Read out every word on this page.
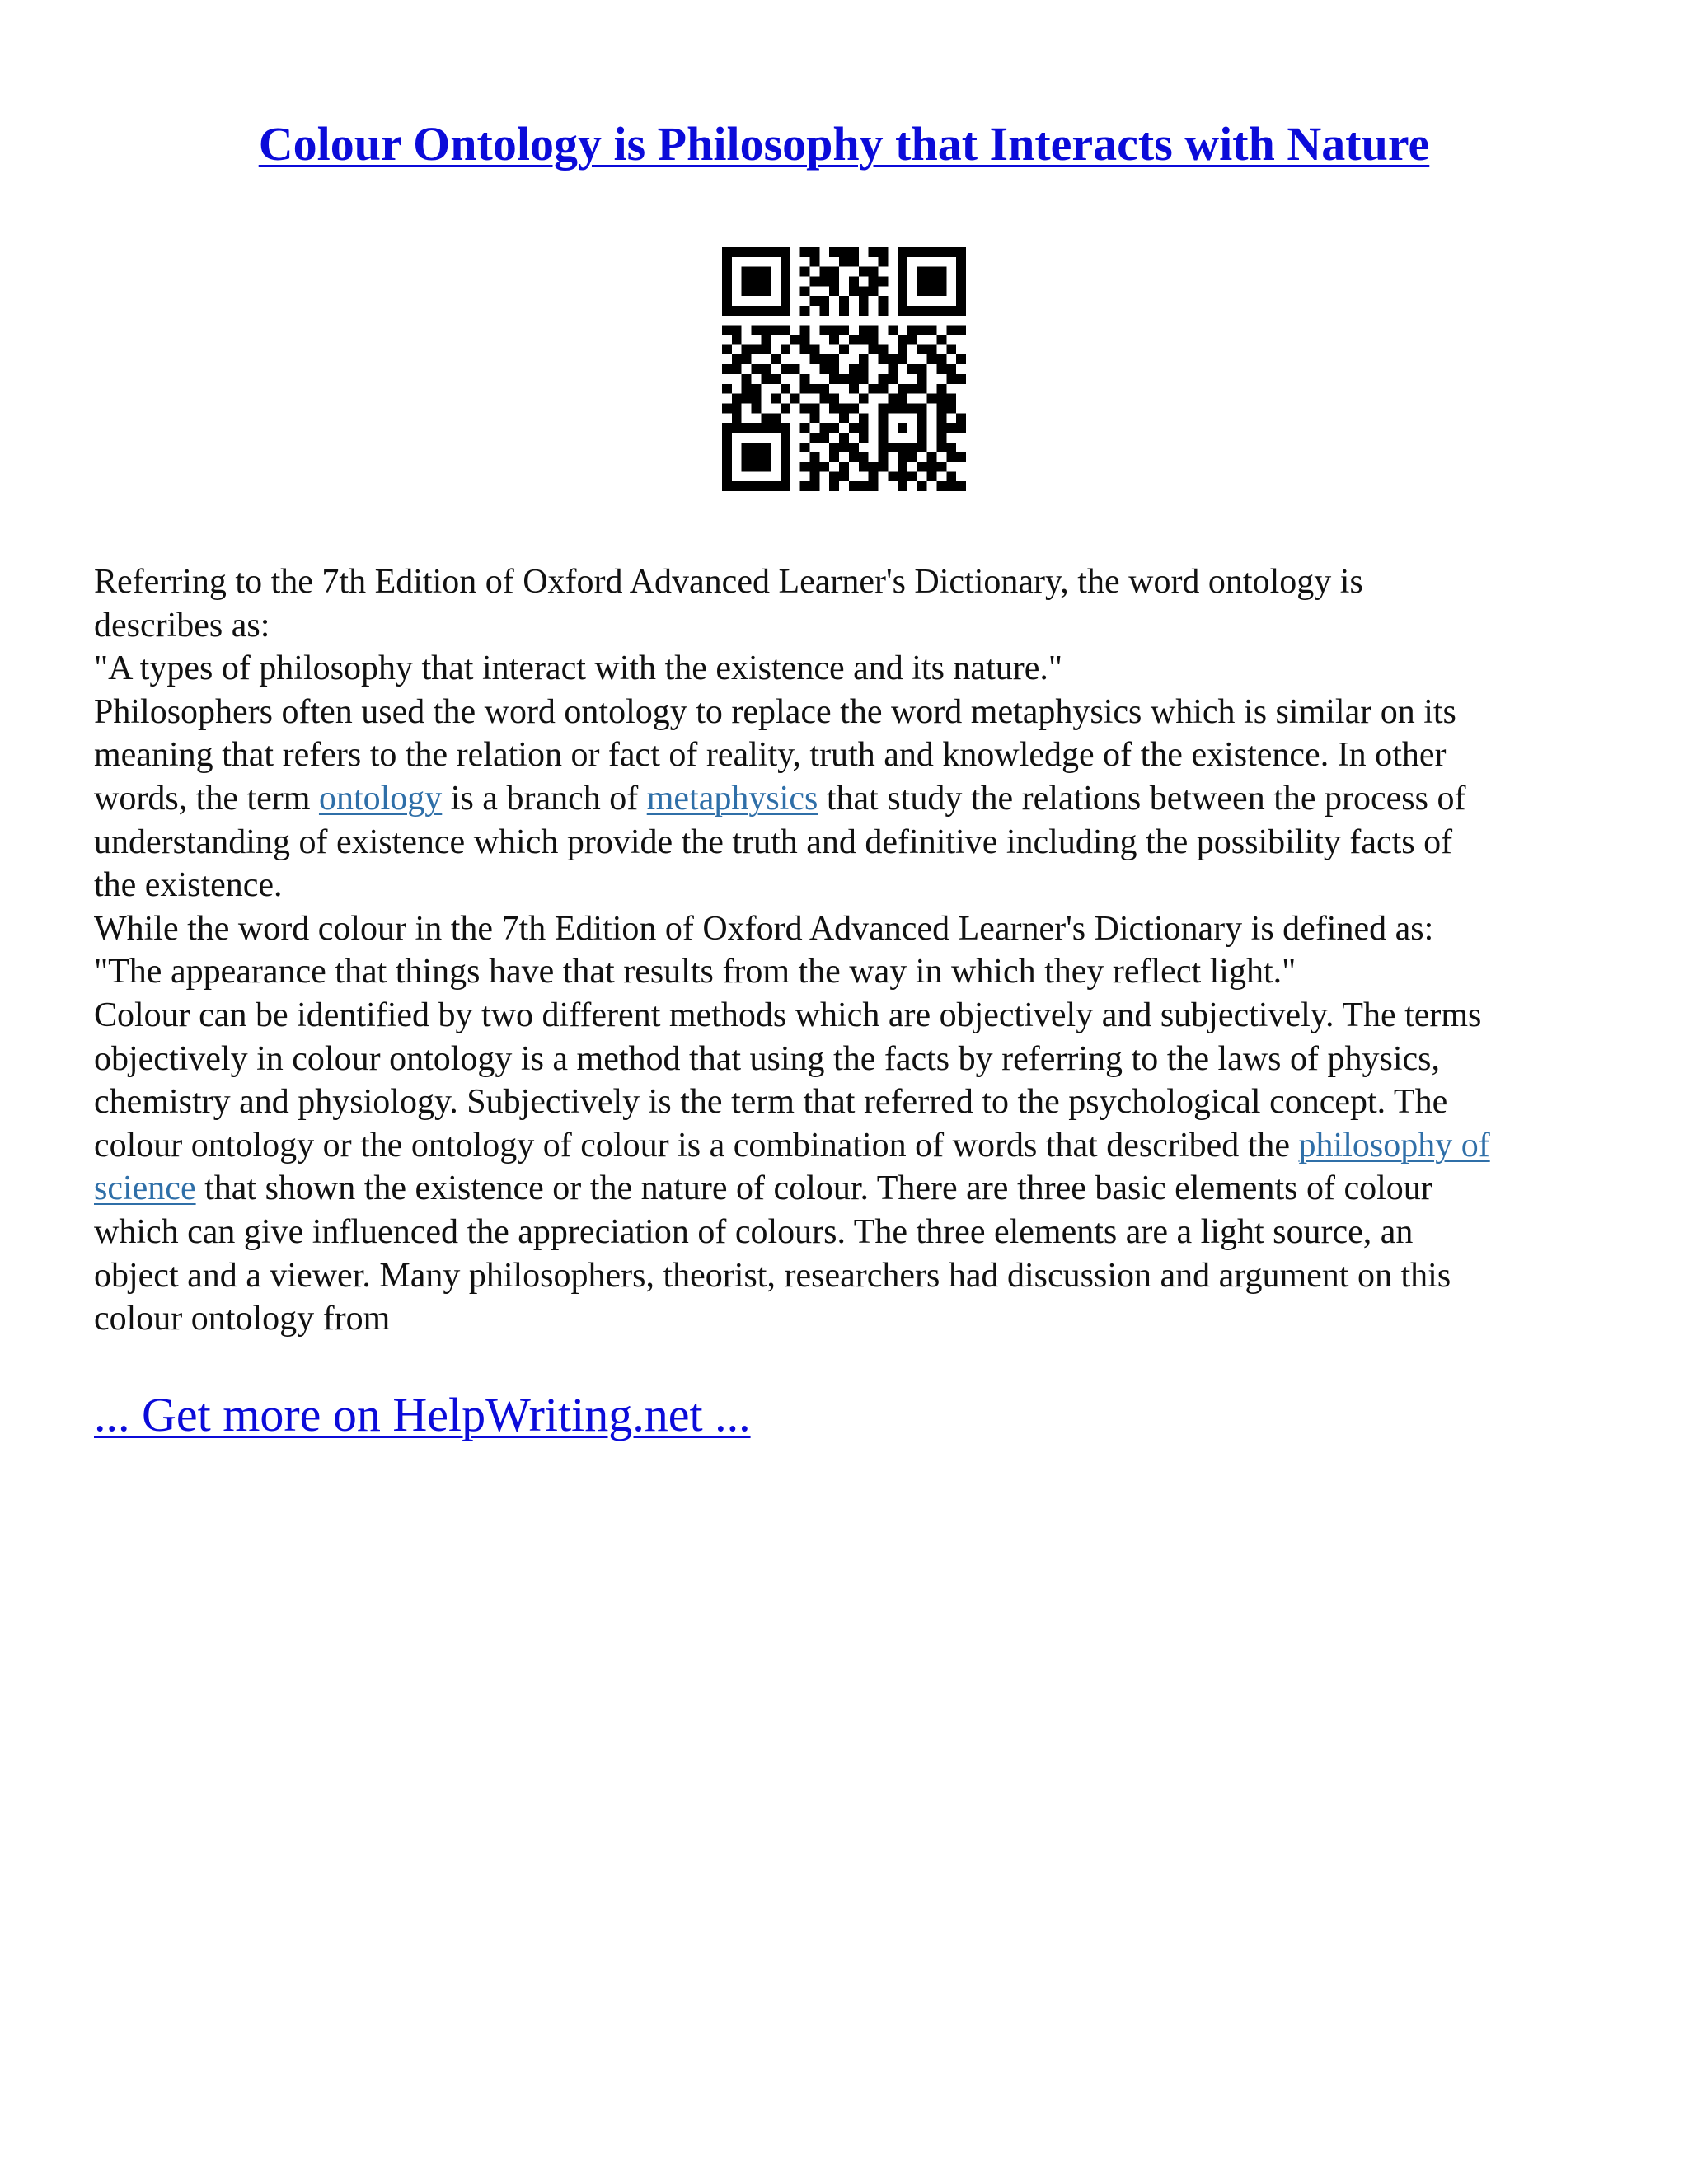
Colour Ontology is Philosophy that Interacts with Nature
Referring to the 7th Edition of Oxford Advanced Learner's Dictionary, the word ontology is
describes as:
"A types of philosophy that interact with the existence and its nature."
Philosophers often used the word ontology to replace the word metaphysics which is similar on its
meaning that refers to the relation or fact of reality, truth and knowledge of the existence. In other
words, the term ontology is a branch of metaphysics that study the relations between the process of
understanding of existence which provide the truth and definitive including the possibility facts of
the existence.
While the word colour in the 7th Edition of Oxford Advanced Learner's Dictionary is defined as:
"The appearance that things have that results from the way in which they reflect light."
Colour can be identified by two different methods which are objectively and subjectively. The terms
objectively in colour ontology is a method that using the facts by referring to the laws of physics,
chemistry and physiology. Subjectively is the term that referred to the psychological concept. The
colour ontology or the ontology of colour is a combination of words that described the philosophy of
science that shown the existence or the nature of colour. There are three basic elements of colour
which can give influenced the appreciation of colours. The three elements are a light source, an
object and a viewer. Many philosophers, theorist, researchers had discussion and argument on this
colour ontology from

... Get more on HelpWriting.net ...
